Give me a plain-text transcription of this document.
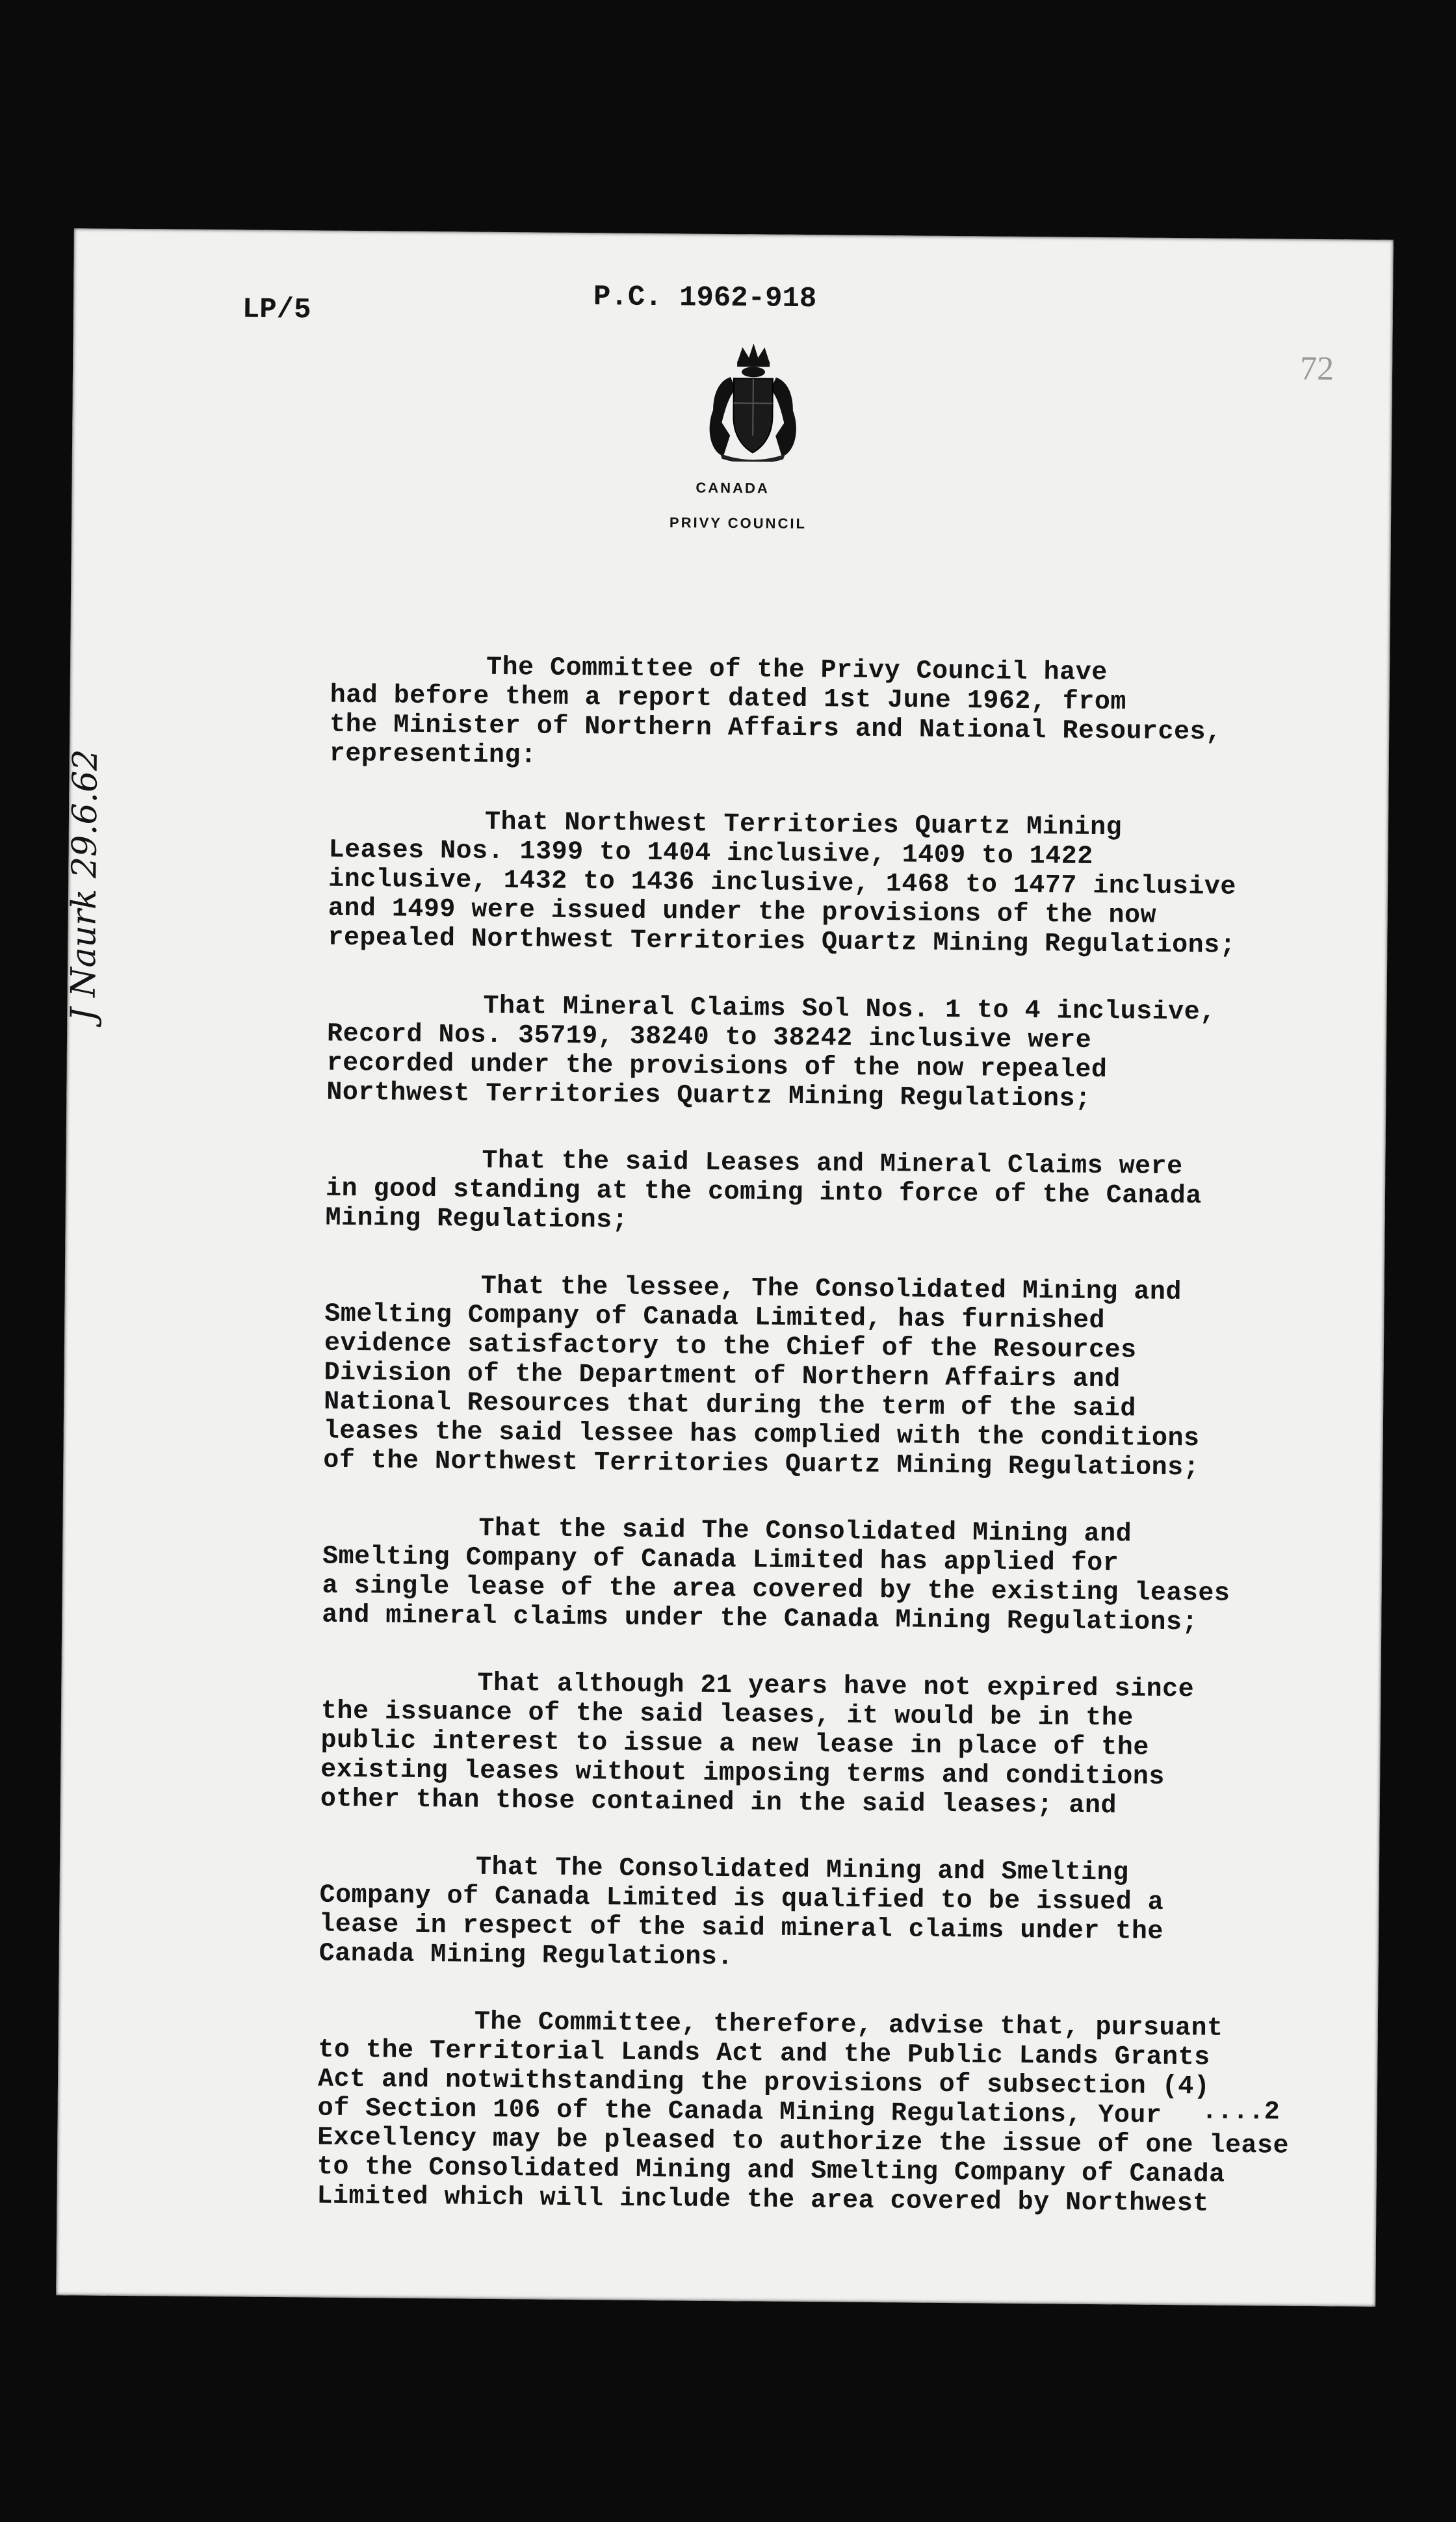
LP/5	P.C. 1962-918
72
CANADA
PRIVY COUNCIL
J Naurk 29.6.62
The Committee of the Privy Council have
had before them a report dated 1st June 1962, from
the Minister of Northern Affairs and National Resources,
representing:
That Northwest Territories Quartz Mining
Leases Nos. 1399 to 1404 inclusive, 1409 to 1422
inclusive, 1432 to 1436 inclusive, 1468 to 1477 inclusive
and 1499 were issued under the provisions of the now
repealed Northwest Territories Quartz Mining Regulations;
That Mineral Claims Sol Nos. 1 to 4 inclusive,
Record Nos. 35719, 38240 to 38242 inclusive were
recorded under the provisions of the now repealed
Northwest Territories Quartz Mining Regulations;
That the said Leases and Mineral Claims were
in good standing at the coming into force of the Canada
Mining Regulations;
That the lessee, The Consolidated Mining and
Smelting Company of Canada Limited, has furnished
evidence satisfactory to the Chief of the Resources
Division of the Department of Northern Affairs and
National Resources that during the term of the said
leases the said lessee has complied with the conditions
of the Northwest Territories Quartz Mining Regulations;
That the said The Consolidated Mining and
Smelting Company of Canada Limited has applied for
a single lease of the area covered by the existing leases
and mineral claims under the Canada Mining Regulations;
That although 21 years have not expired since
the issuance of the said leases, it would be in the
public interest to issue a new lease in place of the
existing leases without imposing terms and conditions
other than those contained in the said leases; and
That The Consolidated Mining and Smelting
Company of Canada Limited is qualified to be issued a
lease in respect of the said mineral claims under the
Canada Mining Regulations.
The Committee, therefore, advise that, pursuant
to the Territorial Lands Act and the Public Lands Grants
Act and notwithstanding the provisions of subsection (4)
of Section 106 of the Canada Mining Regulations, Your
Excellency may be pleased to authorize the issue of one lease
to the Consolidated Mining and Smelting Company of Canada
Limited which will include the area covered by Northwest
....2
